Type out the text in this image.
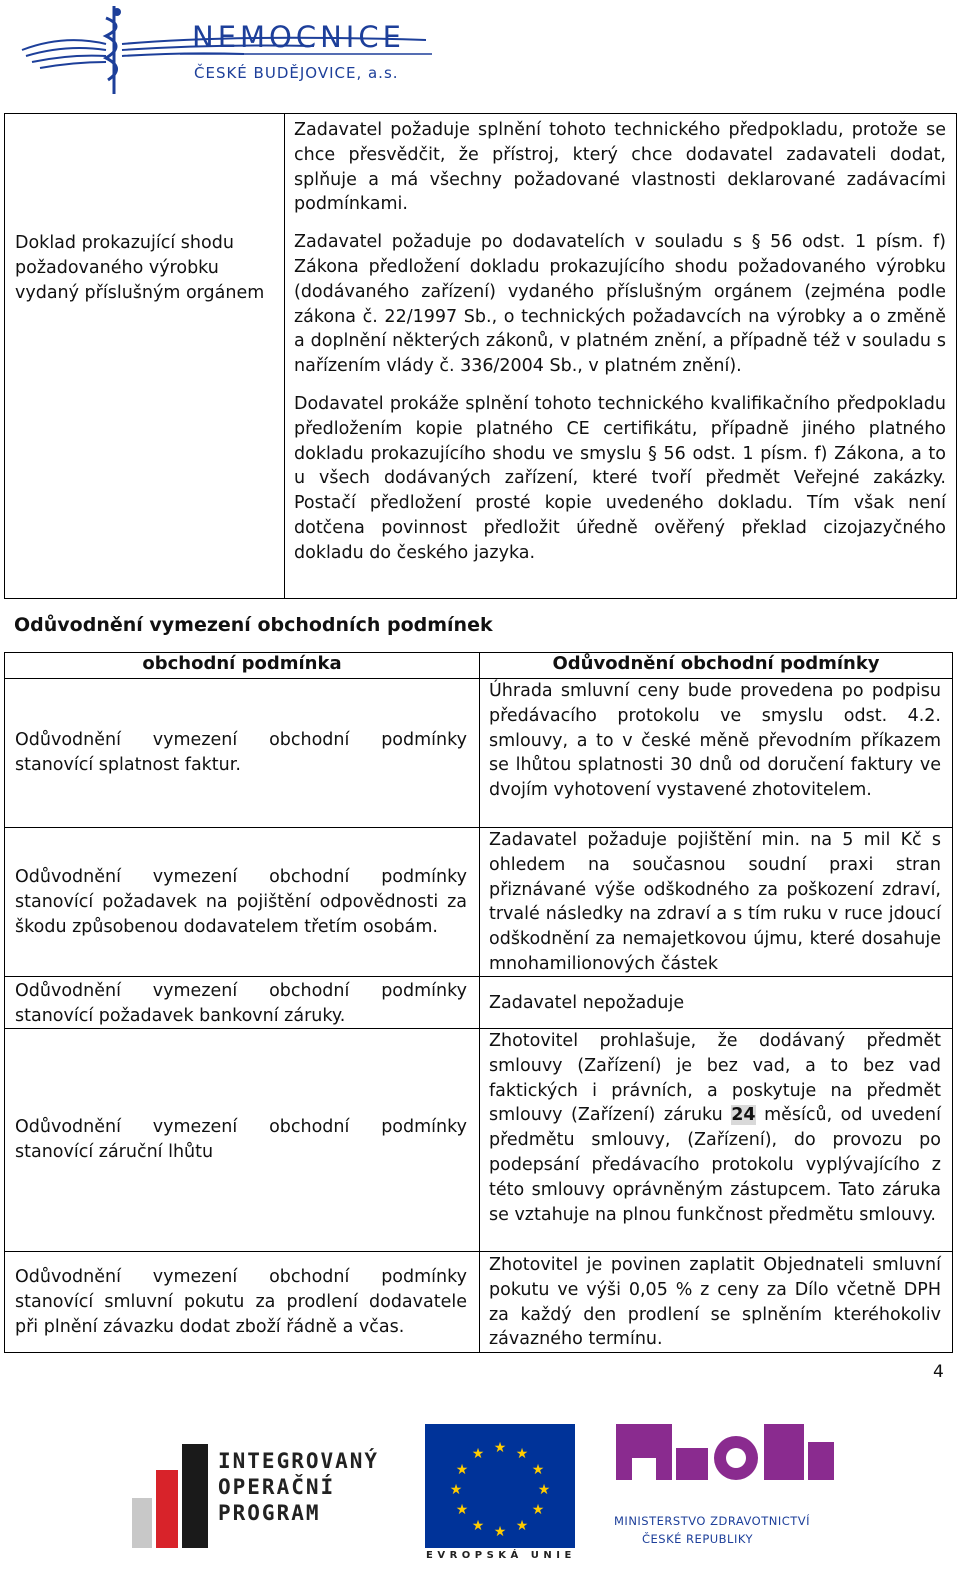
NEMOCNICE
ČESKÉ BUDĚJOVICE, a.s.
Doklad prokazující shodu požadovaného výrobku vydaný příslušným orgánem

Zadavatel požaduje splnění tohoto technického předpokladu, protože se chce přesvědčit, že přístroj, který chce dodavatel zadavateli dodat, splňuje a má všechny požadované vlastnosti deklarované zadávacími podmínkami.

Zadavatel požaduje po dodavatelích v souladu s § 56 odst. 1 písm. f) Zákona předložení dokladu prokazujícího shodu požadovaného výrobku (dodávaného zařízení) vydaného příslušným orgánem (zejména podle zákona č. 22/1997 Sb., o technických požadavcích na výrobky a o změně a doplnění některých zákonů, v platném znění, a případně též v souladu s nařízením vlády č. 336/2004 Sb., v platném znění).

Dodavatel prokáže splnění tohoto technického kvalifikačního předpokladu předložením kopie platného CE certifikátu, případně jiného platného dokladu prokazujícího shodu ve smyslu § 56 odst. 1 písm. f) Zákona, a to u všech dodávaných zařízení, které tvoří předmět Veřejné zakázky. Postačí předložení prosté kopie uvedeného dokladu. Tím však není dotčena povinnost předložit úředně ověřený překlad cizojazyčného dokladu do českého jazyka.

Odůvodnění vymezení obchodních podmínek
obchodní podmínka	Odůvodnění obchodní podmínky
Odůvodnění vymezení obchodní podmínky stanovící splatnost faktur.
Úhrada smluvní ceny bude provedena po podpisu předávacího protokolu ve smyslu odst. 4.2. smlouvy, a to v české měně převodním příkazem se lhůtou splatnosti 30 dnů od doručení faktury ve dvojím vyhotovení vystavené zhotovitelem.
Odůvodnění vymezení obchodní podmínky stanovící požadavek na pojištění odpovědnosti za škodu způsobenou dodavatelem třetím osobám.
Zadavatel požaduje pojištění min. na 5 mil Kč s ohledem na současnou soudní praxi stran přiznávané výše odškodného za poškození zdraví, trvalé následky na zdraví a s tím ruku v ruce jdoucí odškodnění za nemajetkovou újmu, které dosahuje mnohamilionových částek
Odůvodnění vymezení obchodní podmínky stanovící požadavek bankovní záruky.
Zadavatel nepožaduje
Odůvodnění vymezení obchodní podmínky stanovící záruční lhůtu
Zhotovitel prohlašuje, že dodávaný předmět smlouvy (Zařízení) je bez vad, a to bez vad faktických i právních, a poskytuje na předmět smlouvy (Zařízení) záruku 24 měsíců, od uvedení předmětu smlouvy, (Zařízení), do provozu po podepsání předávacího protokolu vyplývajícího z této smlouvy oprávněným zástupcem. Tato záruka se vztahuje na plnou funkčnost předmětu smlouvy.
Odůvodnění vymezení obchodní podmínky stanovící smluvní pokutu za prodlení dodavatele při plnění závazku dodat zboží řádně a včas.
Zhotovitel je povinen zaplatit Objednateli smluvní pokutu ve výši 0,05 % z ceny za Dílo včetně DPH za každý den prodlení se splněním kteréhokoliv závazného termínu.
4
INTEGROVANÝ
OPERAČNÍ
PROGRAM
★ ★
★
★
★
★
★
★
★
★
★
★
EVROPSKÁ UNIE
MINISTERSTVO ZDRAVOTNICTVÍ
ČESKÉ REPUBLIKY
